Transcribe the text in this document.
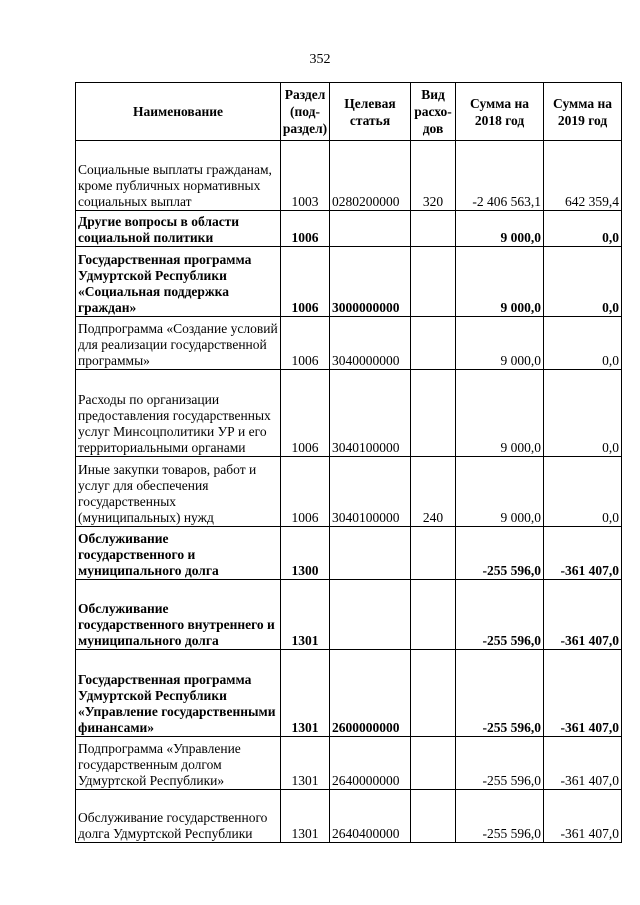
352
Наименование	Раздел (под-раздел)	Целевая статья	Вид расхо-дов	Сумма на 2018 год	Сумма на 2019 год
Социальные выплаты гражданам, кроме публичных нормативных социальных выплат	1003	0280200000	320	-2 406 563,1	642 359,4
Другие вопросы в области социальной политики	1006			9 000,0	0,0
Государственная программа Удмуртской Республики «Социальная поддержка граждан»	1006	3000000000		9 000,0	0,0
Подпрограмма «Создание условий для реализации государственной программы»	1006	3040000000		9 000,0	0,0
Расходы по организации предоставления государственных услуг Минсоцполитики УР и его территориальными органами	1006	3040100000		9 000,0	0,0
Иные закупки товаров, работ и услуг для обеспечения государственных (муниципальных) нужд	1006	3040100000	240	9 000,0	0,0
Обслуживание государственного и муниципального долга	1300			-255 596,0	-361 407,0
Обслуживание государственного внутреннего и муниципального долга	1301			-255 596,0	-361 407,0
Государственная программа Удмуртской Республики «Управление государственными финансами»	1301	2600000000		-255 596,0	-361 407,0
Подпрограмма «Управление государственным долгом Удмуртской Республики»	1301	2640000000		-255 596,0	-361 407,0
Обслуживание государственного долга Удмуртской Республики	1301	2640400000		-255 596,0	-361 407,0
